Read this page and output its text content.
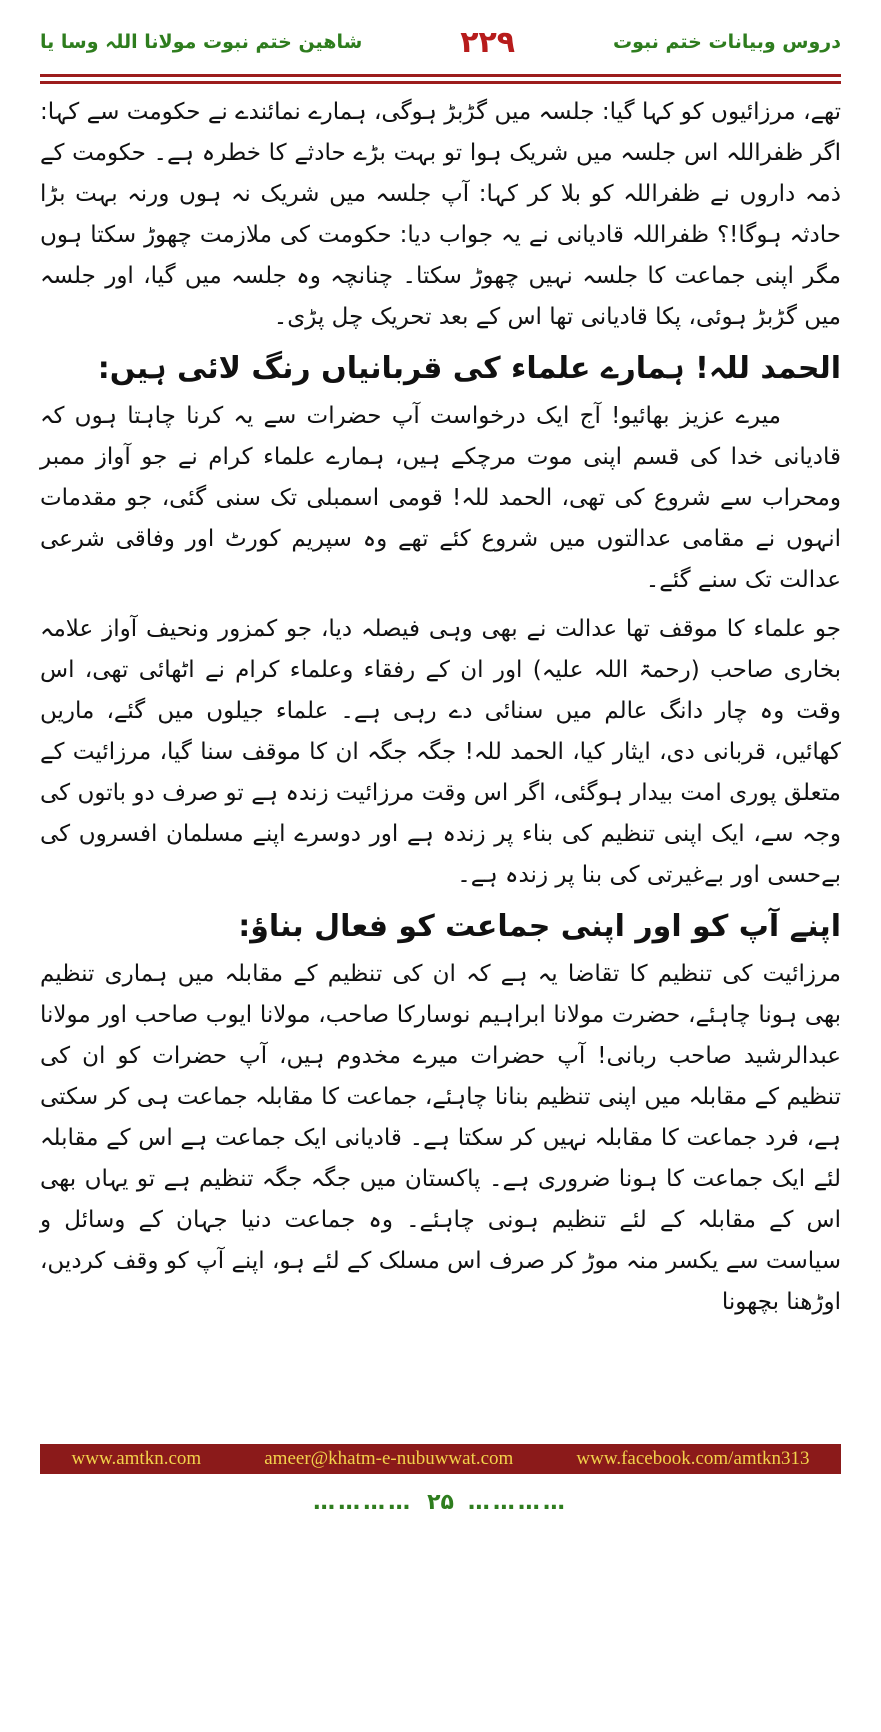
دروس وبیانات ختم نبوت
۲۲۹
شاھین ختم نبوت مولانا اللہ وسا یا

تھے، مرزائیوں کو کہا گیا: جلسہ میں گڑبڑ ہوگی، ہمارے نمائندے نے حکومت سے کہا: اگر ظفراللہ اس جلسہ میں شریک ہوا تو بہت بڑے حادثے کا خطرہ ہے۔ حکومت کے ذمہ داروں نے ظفراللہ کو بلا کر کہا: آپ جلسہ میں شریک نہ ہوں ورنہ بہت بڑا حادثہ ہوگا!؟ ظفراللہ قادیانی نے یہ جواب دیا: حکومت کی ملازمت چھوڑ سکتا ہوں مگر اپنی جماعت کا جلسہ نہیں چھوڑ سکتا۔ چنانچہ وہ جلسہ میں گیا، اور جلسہ میں گڑبڑ ہوئی، پکا قادیانی تھا اس کے بعد تحریک چل پڑی۔

الحمد للہ! ہمارے علماء کی قربانیاں رنگ لائی ہیں:

میرے عزیز بھائیو! آج ایک درخواست آپ حضرات سے یہ کرنا چاہتا ہوں کہ قادیانی خدا کی قسم اپنی موت مرچکے ہیں، ہمارے علماء کرام نے جو آواز ممبر ومحراب سے شروع کی تھی، الحمد للہ! قومی اسمبلی تک سنی گئی، جو مقدمات انہوں نے مقامی عدالتوں میں شروع کئے تھے وہ سپریم کورٹ اور وفاقی شرعی عدالت تک سنے گئے۔

جو علماء کا موقف تھا عدالت نے بھی وہی فیصلہ دیا، جو کمزور ونحیف آواز علامہ بخاری صاحب (رحمۃ اللہ علیہ) اور ان کے رفقاء وعلماء کرام نے اٹھائی تھی، اس وقت وہ چار دانگ عالم میں سنائی دے رہی ہے۔ علماء جیلوں میں گئے، ماریں کھائیں، قربانی دی، ایثار کیا، الحمد للہ! جگہ جگہ ان کا موقف سنا گیا، مرزائیت کے متعلق پوری امت بیدار ہوگئی، اگر اس وقت مرزائیت زندہ ہے تو صرف دو باتوں کی وجہ سے، ایک اپنی تنظیم کی بناء پر زندہ ہے اور دوسرے اپنے مسلمان افسروں کی بےحسی اور بےغیرتی کی بنا پر زندہ ہے۔

اپنے آپ کو اور اپنی جماعت کو فعال بناؤ:

مرزائیت کی تنظیم کا تقاضا یہ ہے کہ ان کی تنظیم کے مقابلہ میں ہماری تنظیم بھی ہونا چاہئے، حضرت مولانا ابراہیم نوسارکا صاحب، مولانا ایوب صاحب اور مولانا عبدالرشید صاحب ربانی! آپ حضرات میرے مخدوم ہیں، آپ حضرات کو ان کی تنظیم کے مقابلہ میں اپنی تنظیم بنانا چاہئے، جماعت کا مقابلہ جماعت ہی کر سکتی ہے، فرد جماعت کا مقابلہ نہیں کر سکتا ہے۔ قادیانی ایک جماعت ہے اس کے مقابلہ لئے ایک جماعت کا ہونا ضروری ہے۔ پاکستان میں جگہ جگہ تنظیم ہے تو یہاں بھی اس کے مقابلہ کے لئے تنظیم ہونی چاہئے۔ وہ جماعت دنیا جہان کے وسائل و سیاست سے یکسر منہ موڑ کر صرف اس مسلک کے لئے ہو، اپنے آپ کو وقف کردیں، اوڑھنا بچھونا

www.amtkn.com	ameer@khatm-e-nubuwwat.com	www.facebook.com/amtkn313
………… ۲۵ …………
